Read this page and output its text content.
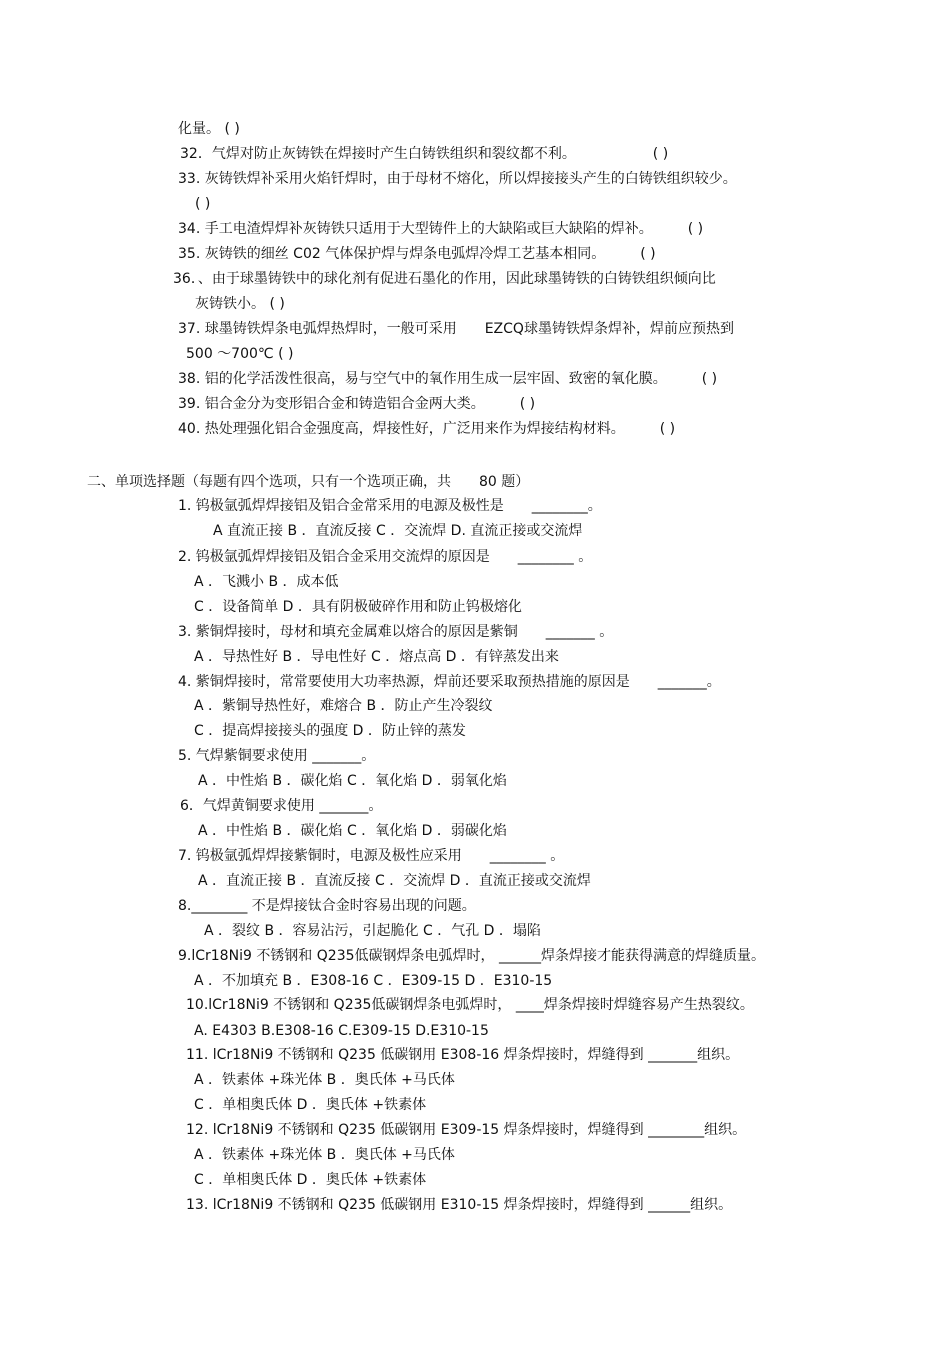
化量。 ( )
32．气焊对防止灰铸铁在焊接时产生白铸铁组织和裂纹都不利。　　　　　　( )
33. 灰铸铁焊补采用火焰钎焊时，由于母材不熔化，所以焊接接头产生的白铸铁组织较少。
( )
34. 手工电渣焊焊补灰铸铁只适用于大型铸件上的大缺陷或巨大缺陷的焊补。　　　( )
35. 灰铸铁的细丝 C02 气体保护焊与焊条电弧焊冷焊工艺基本相同。　　　( )
36．、由于球墨铸铁中的球化剂有促进石墨化的作用，因此球墨铸铁的白铸铁组织倾向比
灰铸铁小。 ( )
37. 球墨铸铁焊条电弧焊热焊时，一般可采用　　EZCQ球墨铸铁焊条焊补，焊前应预热到
500 ～700℃ ( )
38. 铝的化学活泼性很高，易与空气中的氧作用生成一层牢固、致密的氧化膜。　　　( )
39. 铝合金分为变形铝合金和铸造铝合金两大类。　　　( )
40. 热处理强化铝合金强度高，焊接性好，广泛用来作为焊接结构材料。　　　( )
二、单项选择题（每题有四个选项，只有一个选项正确，共　　80 题）
1. 钨极氩弧焊焊接铝及铝合金常采用的电源及极性是　　________。
A 直流正接 B ．直流反接 C ．交流焊 D. 直流正接或交流焊
2. 钨极氩弧焊焊接铝及铝合金采用交流焊的原因是　　________ 。
A ．飞溅小 B ．成本低
C ．设备简单 D ．具有阴极破碎作用和防止钨极熔化
3. 紫铜焊接时，母材和填充金属难以熔合的原因是紫铜　　_______ 。
A ．导热性好 B ．导电性好 C ．熔点高 D ．有锌蒸发出来
4. 紫铜焊接时，常常要使用大功率热源，焊前还要采取预热措施的原因是　　_______。
A ．紫铜导热性好，难熔合 B ．防止产生冷裂纹
C ．提高焊接接头的强度 D ．防止锌的蒸发
5. 气焊紫铜要求使用 _______。
A ．中性焰 B ．碳化焰 C ．氧化焰 D ．弱氧化焰
6．气焊黄铜要求使用 _______。
A ．中性焰 B ．碳化焰 C ．氧化焰 D ．弱碳化焰
7. 钨极氩弧焊焊接紫铜时，电源及极性应采用　　________ 。
A ．直流正接 B ．直流反接 C ．交流焊 D ．直流正接或交流焊
8.________ 不是焊接钛合金时容易出现的问题。
A ．裂纹 B ．容易沾污，引起脆化 C ．气孔 D ．塌陷
9.lCr18Ni9 不锈钢和 Q235低碳钢焊条电弧焊时， ______焊条焊接才能获得满意的焊缝质量。
A ．不加填充 B ．E308-16 C ．E309-15 D ．E310-15
10.lCr18Ni9 不锈钢和 Q235低碳钢焊条电弧焊时， ____焊条焊接时焊缝容易产生热裂纹。
A. E4303 B.E308-16 C.E309-15 D.E310-15
11. lCr18Ni9 不锈钢和 Q235 低碳钢用 E308-16 焊条焊接时，焊缝得到 _______组织。
A ．铁素体 +珠光体 B ．奥氏体 +马氏体
C ．单相奥氏体 D ．奥氏体 +铁素体
12. lCr18Ni9 不锈钢和 Q235 低碳钢用 E309-15 焊条焊接时，焊缝得到 ________组织。
A ．铁素体 +珠光体 B ．奥氏体 +马氏体
C ．单相奥氏体 D ．奥氏体 +铁素体
13. lCr18Ni9 不锈钢和 Q235 低碳钢用 E310-15 焊条焊接时，焊缝得到 ______组织。
